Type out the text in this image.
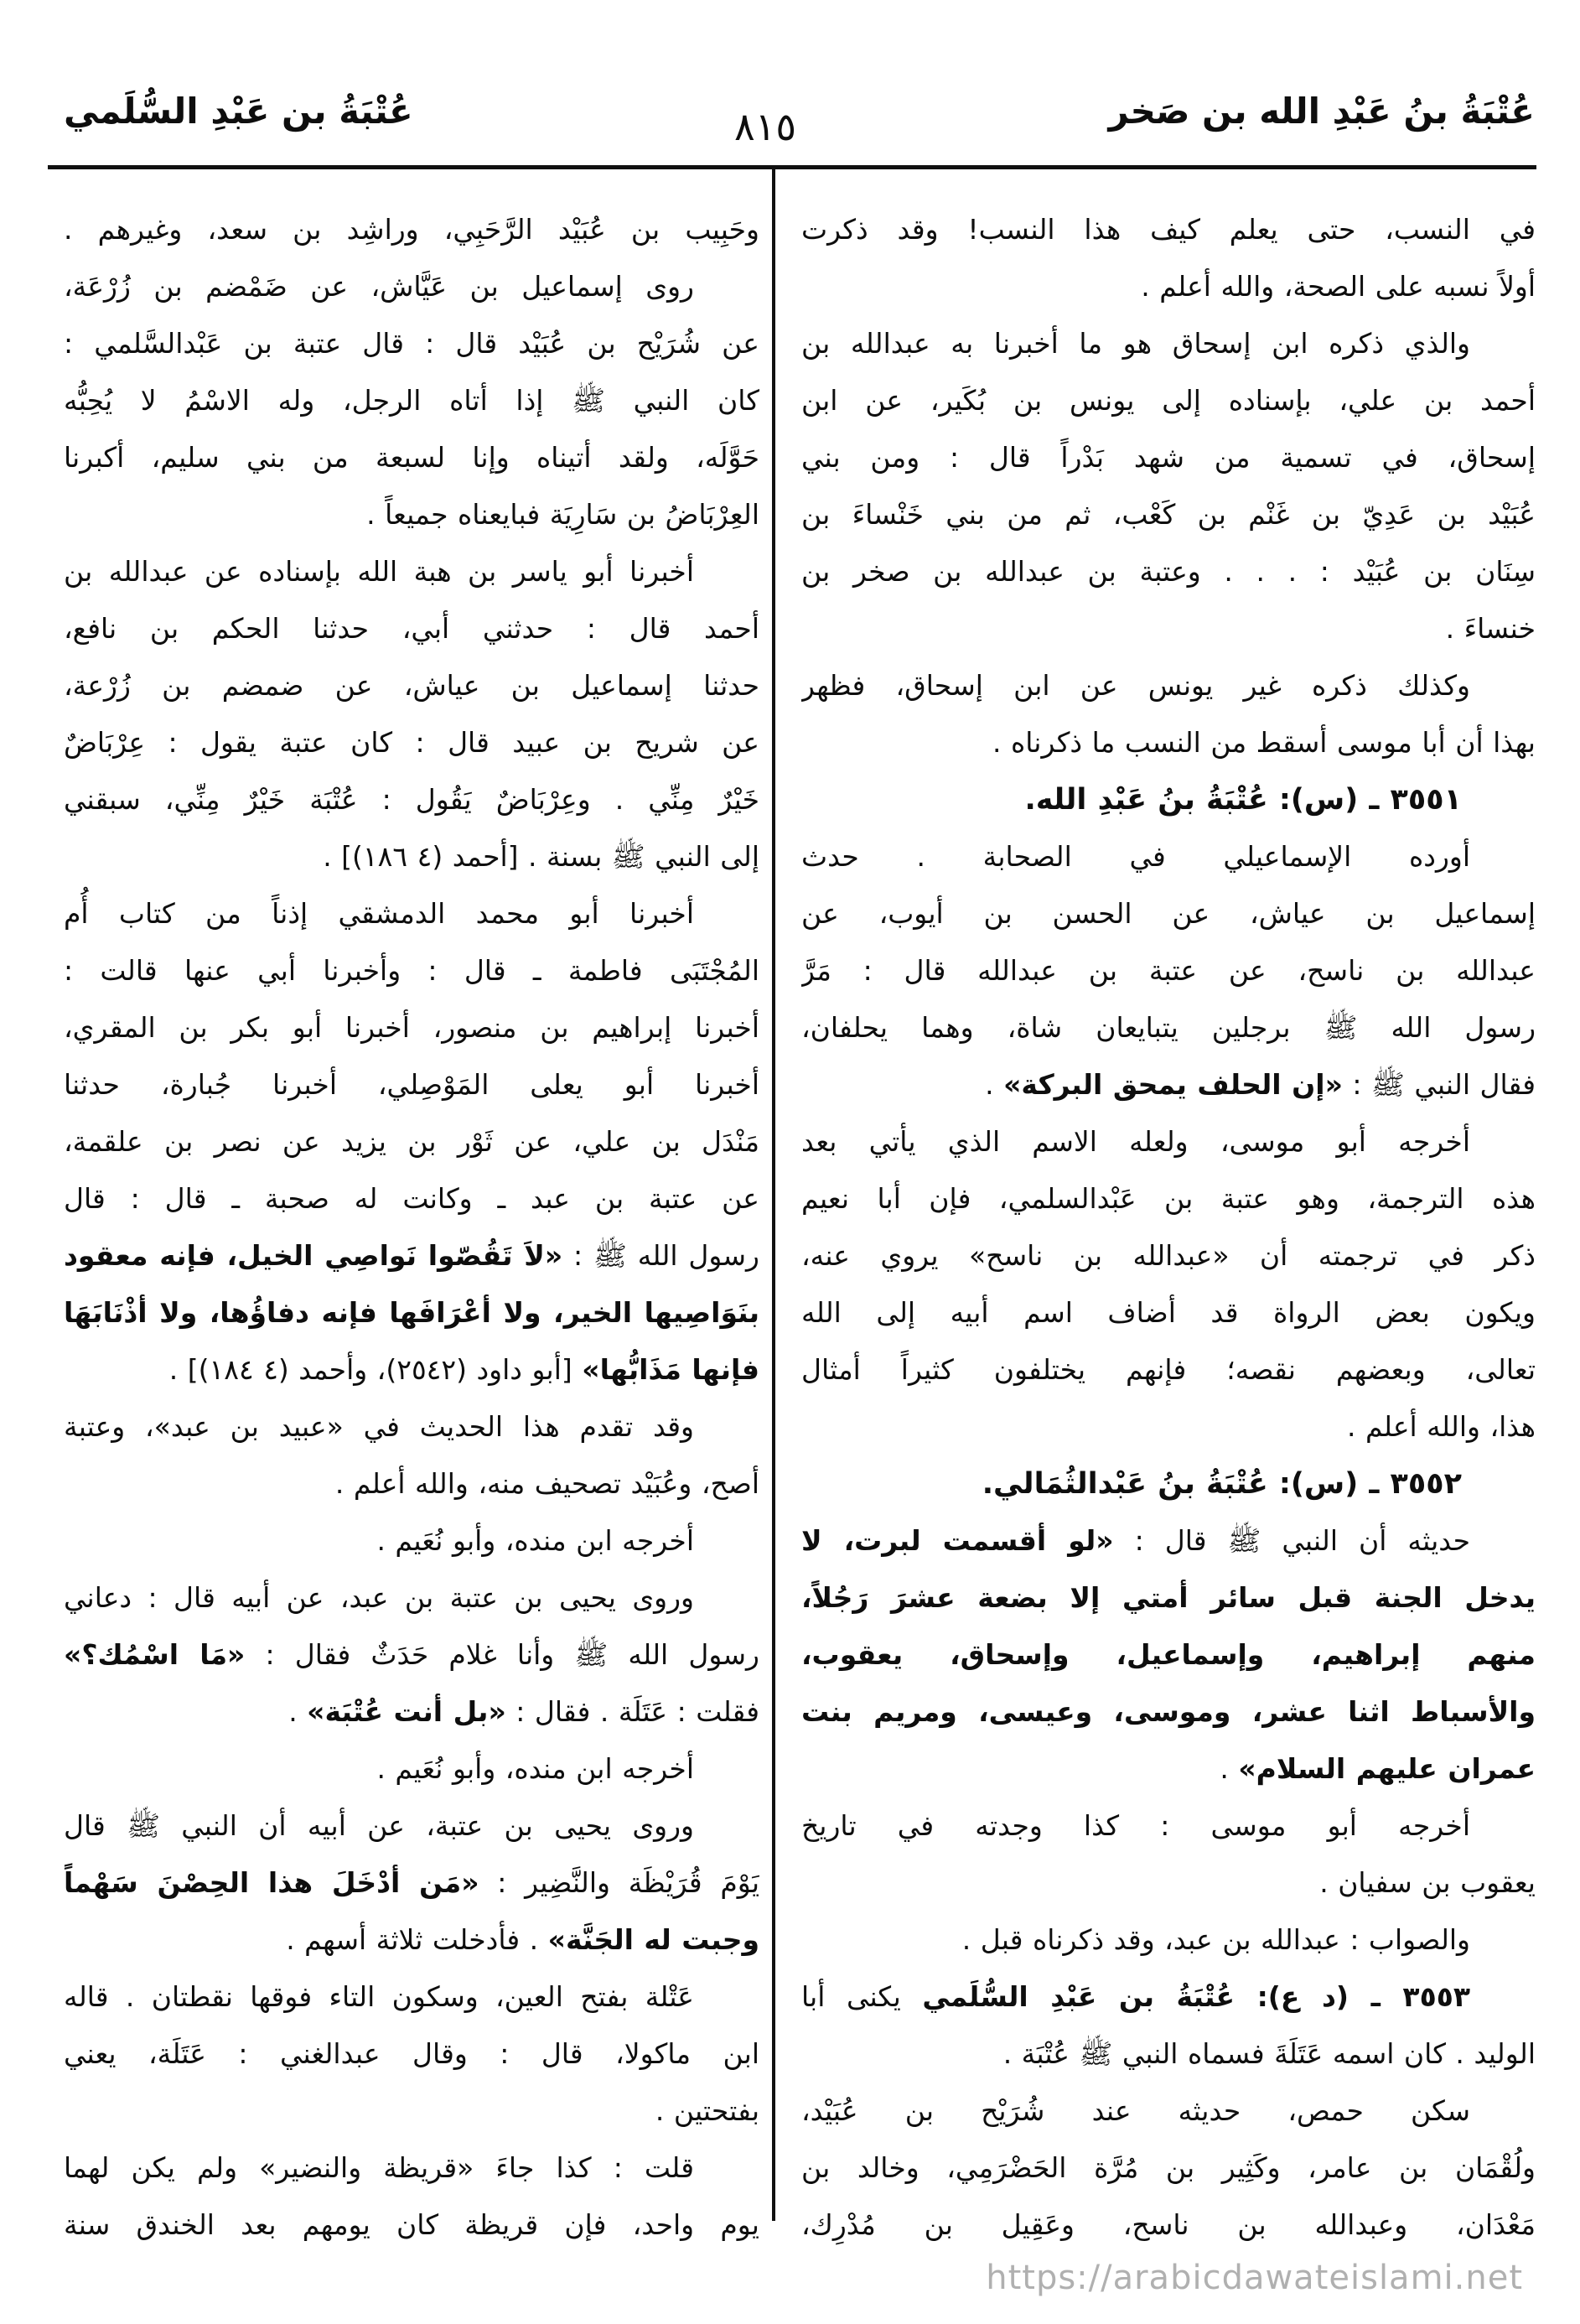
عُتْبَةُ بن عَبْدِ السُّلَمي	٨١٥	عُتْبَةُ بنُ عَبْدِ الله بن صَخر
وحَبِيب بن عُبَيْد الرَّحَبِي، وراشِد بن سعد، وغيرهم .
روى إسماعيل بن عَيَّاش، عن ضَمْضم بن زُرْعَة،
عن شُرَيْح بن عُبَيْد قال : قال عتبة بن عَبْدالسَّلمي :
كان النبي ﷺ إذا أتاه الرجل، وله الاسْمُ لا يُحِبُّه
حَوَّلَه، ولقد أتيناه وإنا لسبعة من بني سليم، أكبرنا
العِرْبَاضُ بن سَارِيَة فبايعناه جميعاً .
أخبرنا أبو ياسر بن هبة الله بإسناده عن عبدالله بن
أحمد قال : حدثني أبي، حدثنا الحكم بن نافع،
حدثنا إسماعيل بن عياش، عن ضمضم بن زُرْعة،
عن شريح بن عبيد قال : كان عتبة يقول : عِرْبَاضٌ
خَيْرٌ مِنِّي . وعِرْبَاضٌ يَقُول : عُتْبَة خَيْرٌ مِنِّي، سبقني
إلى النبي ﷺ بسنة . [أحمد (٤ ١٨٦)] .
أخبرنا أبو محمد الدمشقي إذناً من كتاب أُم
المُجْتَبَى فاطمة ـ قال : وأخبرنا أبي عنها قالت :
أخبرنا إبراهيم بن منصور، أخبرنا أبو بكر بن المقري،
أخبرنا أبو يعلى المَوْصِلي، أخبرنا جُبارة، حدثنا
مَنْدَل بن علي، عن ثَوْر بن يزيد عن نصر بن علقمة،
عن عتبة بن عبد ـ وكانت له صحبة ـ قال : قال
رسول الله ﷺ : «لاَ تَقُصّوا نَواصِي الخيل، فإنه معقود
بنَوَاصِيها الخير، ولا أعْرَافَها فإنه دفاؤُها، ولا أذْنَابَهَا
فإنها مَذَابُّها» [أبو داود (٢٥٤٢)، وأحمد (٤ ١٨٤)] .
وقد تقدم هذا الحديث في «عبيد بن عبد»، وعتبة
أصح، وعُبَيْد تصحيف منه، والله أعلم .
أخرجه ابن منده، وأبو نُعَيم .
وروى يحيى بن عتبة بن عبد، عن أبيه قال : دعاني
رسول الله ﷺ وأنا غلام حَدَثٌ فقال : «مَا اسْمُك؟»
فقلت : عَتَلَة . فقال : «بل أنت عُتْبَة» .
أخرجه ابن منده، وأبو نُعَيم .
وروى يحيى بن عتبة، عن أبيه أن النبي ﷺ قال
يَوْمَ قُرَيْظَة والنَّضِير : «مَن أدْخَلَ هذا الحِصْنَ سَهْماً
وجبت له الجَنَّة» . فأدخلت ثلاثة أسهم .
عَتْلة بفتح العين، وسكون التاء فوقها نقطتان . قاله
ابن ماكولا، قال : وقال عبدالغني : عَتَلَة، يعني
بفتحتين .
قلت : كذا جاءَ «قريظة والنضير» ولم يكن لهما
يوم واحد، فإن قريظة كان يومهم بعد الخندق سنة
في النسب، حتى يعلم كيف هذا النسب! وقد ذكرت
أولاً نسبه على الصحة، والله أعلم .
والذي ذكره ابن إسحاق هو ما أخبرنا به عبدالله بن
أحمد بن علي، بإسناده إلى يونس بن بُكَير، عن ابن
إسحاق، في تسمية من شهد بَدْراً قال : ومن بني
عُبَيْد بن عَدِيّ بن غَنْم بن كَعْب، ثم من بني خَنْساءَ بن
سِنَان بن عُبَيْد : . . . وعتبة بن عبدالله بن صخر بن
خنساءَ .
وكذلك ذكره غير يونس عن ابن إسحاق، فظهر
بهذا أن أبا موسى أسقط من النسب ما ذكرناه .
٣٥٥١ ـ (س): عُتْبَةُ بنُ عَبْدِ الله.
أورده الإسماعيلي في الصحابة . حدث
إسماعيل بن عياش، عن الحسن بن أيوب، عن
عبدالله بن ناسح، عن عتبة بن عبدالله قال : مَرَّ
رسول الله ﷺ برجلين يتبايعان شاة، وهما يحلفان،
فقال النبي ﷺ : «إن الحلف يمحق البركة» .
أخرجه أبو موسى، ولعله الاسم الذي يأتي بعد
هذه الترجمة، وهو عتبة بن عَبْدالسلمي، فإن أبا نعيم
ذكر في ترجمته أن «عبدالله بن ناسح» يروي عنه،
ويكون بعض الرواة قد أضاف اسم أبيه إلى الله
تعالى، وبعضهم نقصه؛ فإنهم يختلفون كثيراً أمثال
هذا، والله أعلم .
٣٥٥٢ ـ (س): عُتْبَةُ بنُ عَبْدالثُمَالي.
حديثه أن النبي ﷺ قال : «لو أقسمت لبرت، لا
يدخل الجنة قبل سائر أمتي إلا بضعة عشرَ رَجُلاً،
منهم إبراهيم، وإسماعيل، وإسحاق، يعقوب،
والأسباط اثنا عشر، وموسى، وعيسى، ومريم بنت
عمران عليهم السلام» .
أخرجه أبو موسى : كذا وجدته في تاريخ
يعقوب بن سفيان .
والصواب : عبدالله بن عبد، وقد ذكرناه قبل .
٣٥٥٣ ـ (د ع): عُتْبَةُ بن عَبْدِ السُّلَمي يكنى أبا
الوليد . كان اسمه عَتَلَةَ فسماه النبي ﷺ عُتْبَة .
سكن حمص، حديثه عند شُرَيْح بن عُبَيْد،
ولُقْمَان بن عامر، وكَثِير بن مُرَّة الحَضْرَمِي، وخالد بن
مَعْدَان، وعبدالله بن ناسح، وعَقِيل بن مُدْرِك،
https://arabicdawateislami.net
